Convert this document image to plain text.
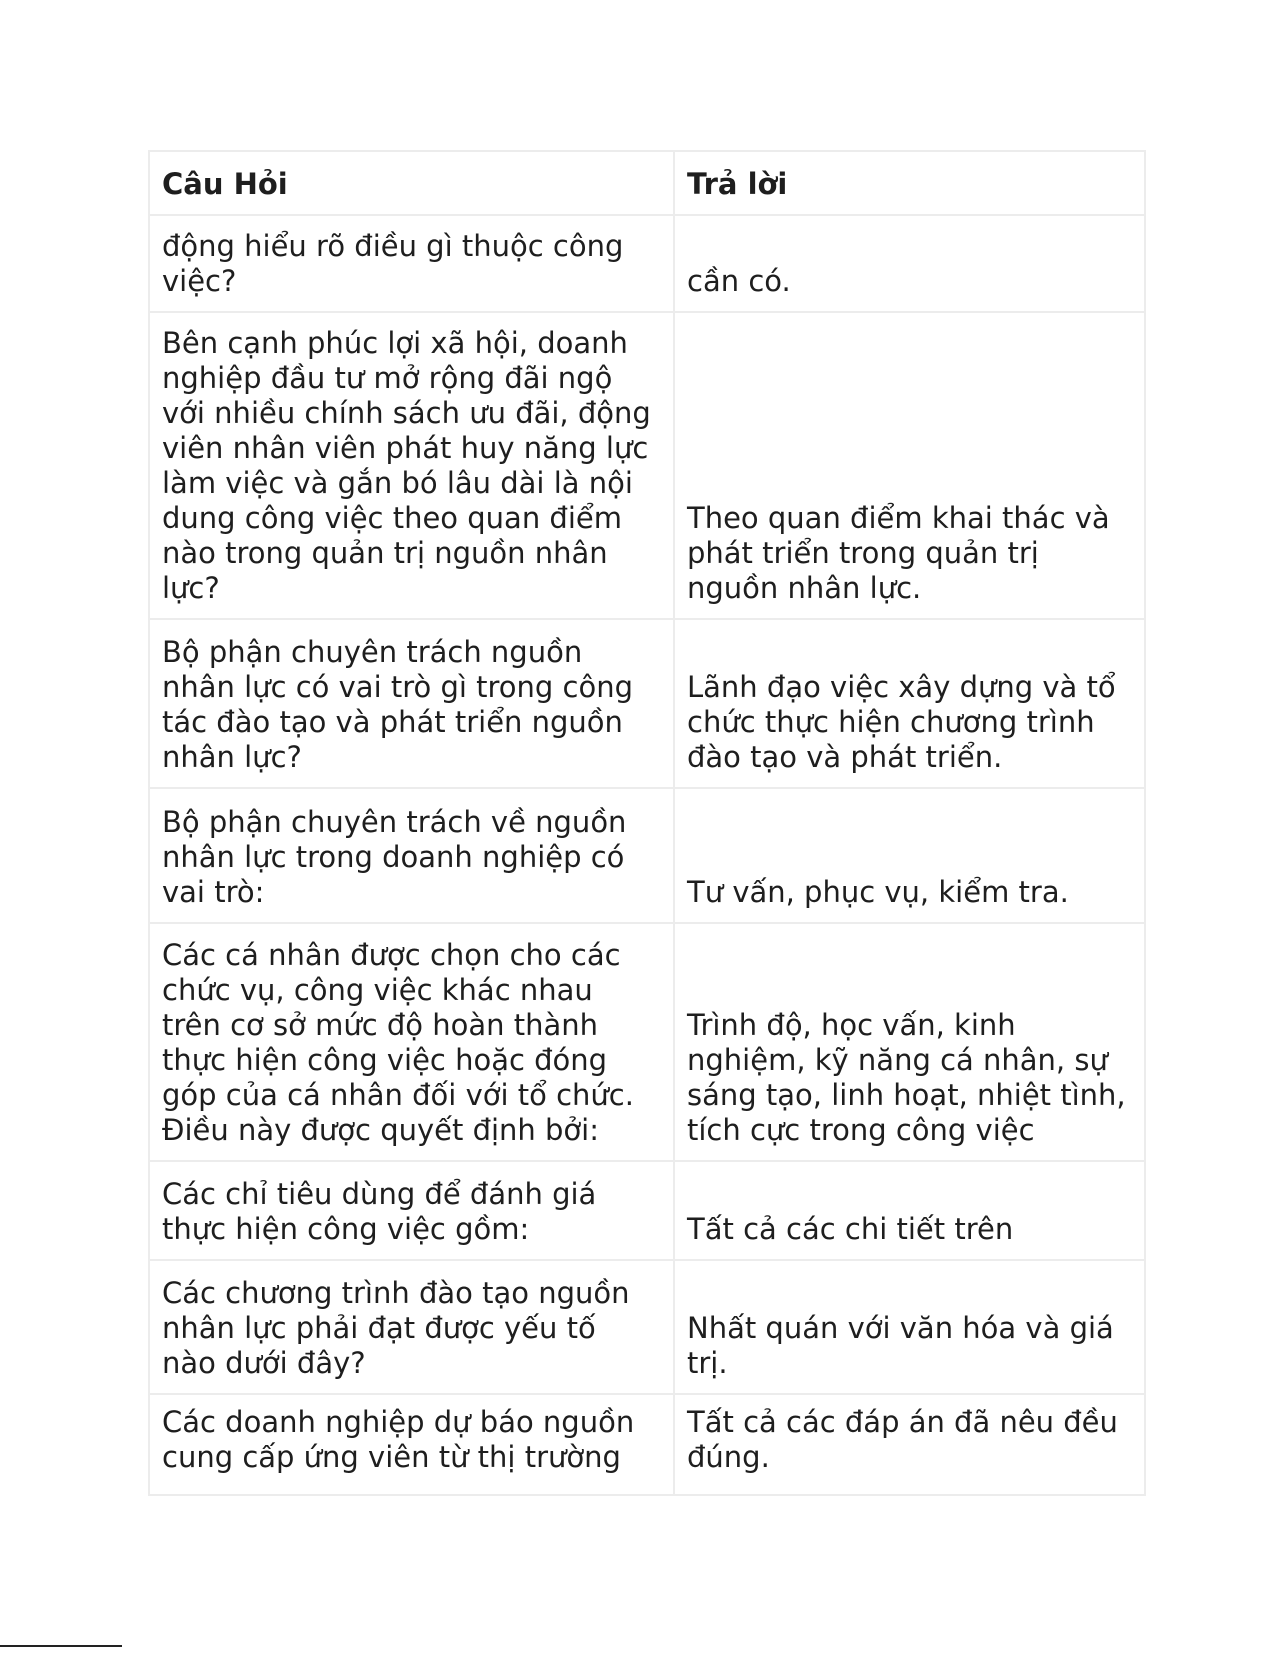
Câu Hỏi	Trả lời
động hiểu rõ điều gì thuộc công việc?	cần có.
Bên cạnh phúc lợi xã hội, doanh nghiệp đầu tư mở rộng đãi ngộ với nhiều chính sách ưu đãi, động viên nhân viên phát huy năng lực làm việc và gắn bó lâu dài là nội dung công việc theo quan điểm nào trong quản trị nguồn nhân lực?	Theo quan điểm khai thác và phát triển trong quản trị nguồn nhân lực.
Bộ phận chuyên trách nguồn nhân lực có vai trò gì trong công tác đào tạo và phát triển nguồn nhân lực?	Lãnh đạo việc xây dựng và tổ chức thực hiện chương trình đào tạo và phát triển.
Bộ phận chuyên trách về nguồn nhân lực trong doanh nghiệp có vai trò:	Tư vấn, phục vụ, kiểm tra.
Các cá nhân được chọn cho các chức vụ, công việc khác nhau trên cơ sở mức độ hoàn thành thực hiện công việc hoặc đóng góp của cá nhân đối với tổ chức. Điều này được quyết định bởi:	Trình độ, học vấn, kinh nghiệm, kỹ năng cá nhân, sự sáng tạo, linh hoạt, nhiệt tình, tích cực trong công việc
Các chỉ tiêu dùng để đánh giá thực hiện công việc gồm:	Tất cả các chi tiết trên
Các chương trình đào tạo nguồn nhân lực phải đạt được yếu tố nào dưới đây?	Nhất quán với văn hóa và giá trị.
Các doanh nghiệp dự báo nguồn cung cấp ứng viên từ thị trường	Tất cả các đáp án đã nêu đều đúng.
